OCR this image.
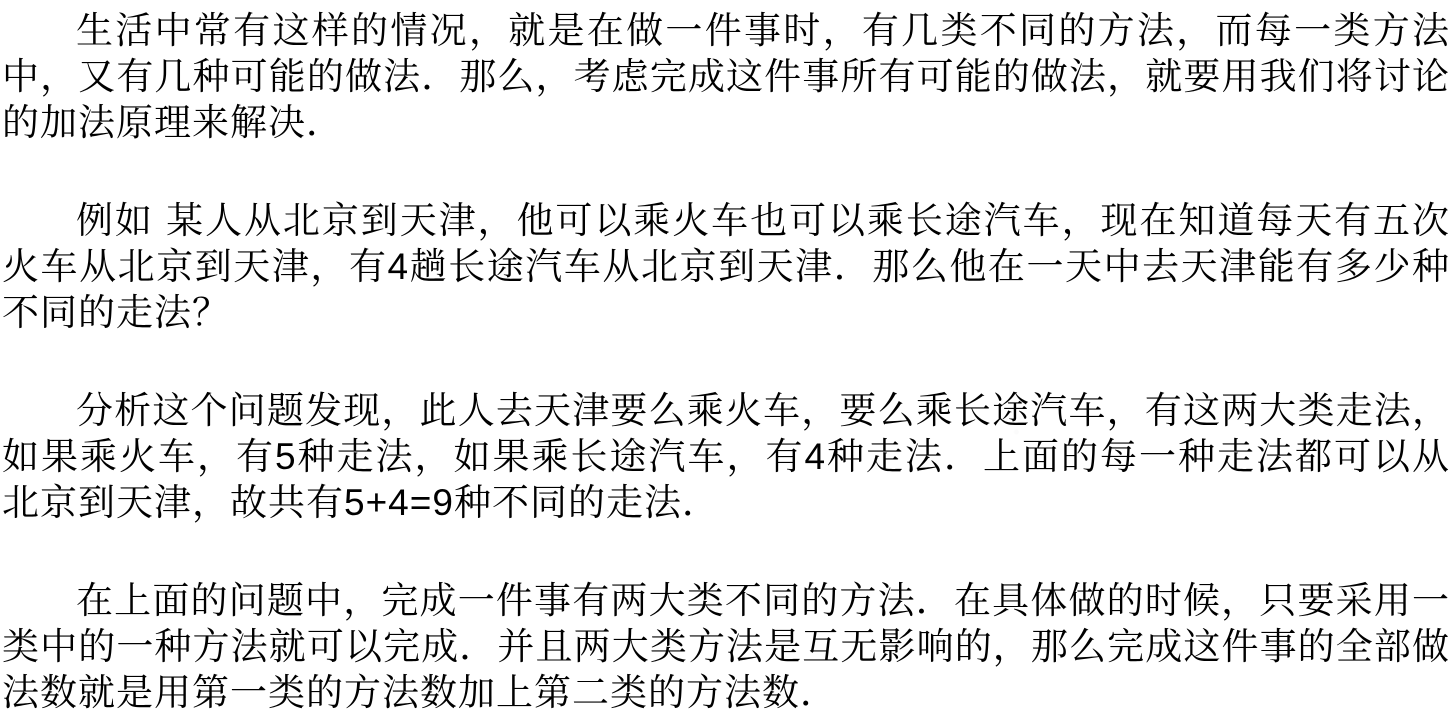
生活中常有这样的情况，就是在做一件事时，有几类不同的方法，而每一类方法中，又有几种可能的做法．那么，考虑完成这件事所有可能的做法，就要用我们将讨论的加法原理来解决．

例如 某人从北京到天津，他可以乘火车也可以乘长途汽车，现在知道每天有五次火车从北京到天津，有4趟长途汽车从北京到天津．那么他在一天中去天津能有多少种不同的走法？

分析这个问题发现，此人去天津要么乘火车，要么乘长途汽车，有这两大类走法，如果乘火车，有5种走法，如果乘长途汽车，有4种走法．上面的每一种走法都可以从北京到天津，故共有5+4=9种不同的走法．

在上面的问题中，完成一件事有两大类不同的方法．在具体做的时候，只要采用一类中的一种方法就可以完成．并且两大类方法是互无影响的，那么完成这件事的全部做法数就是用第一类的方法数加上第二类的方法数．
